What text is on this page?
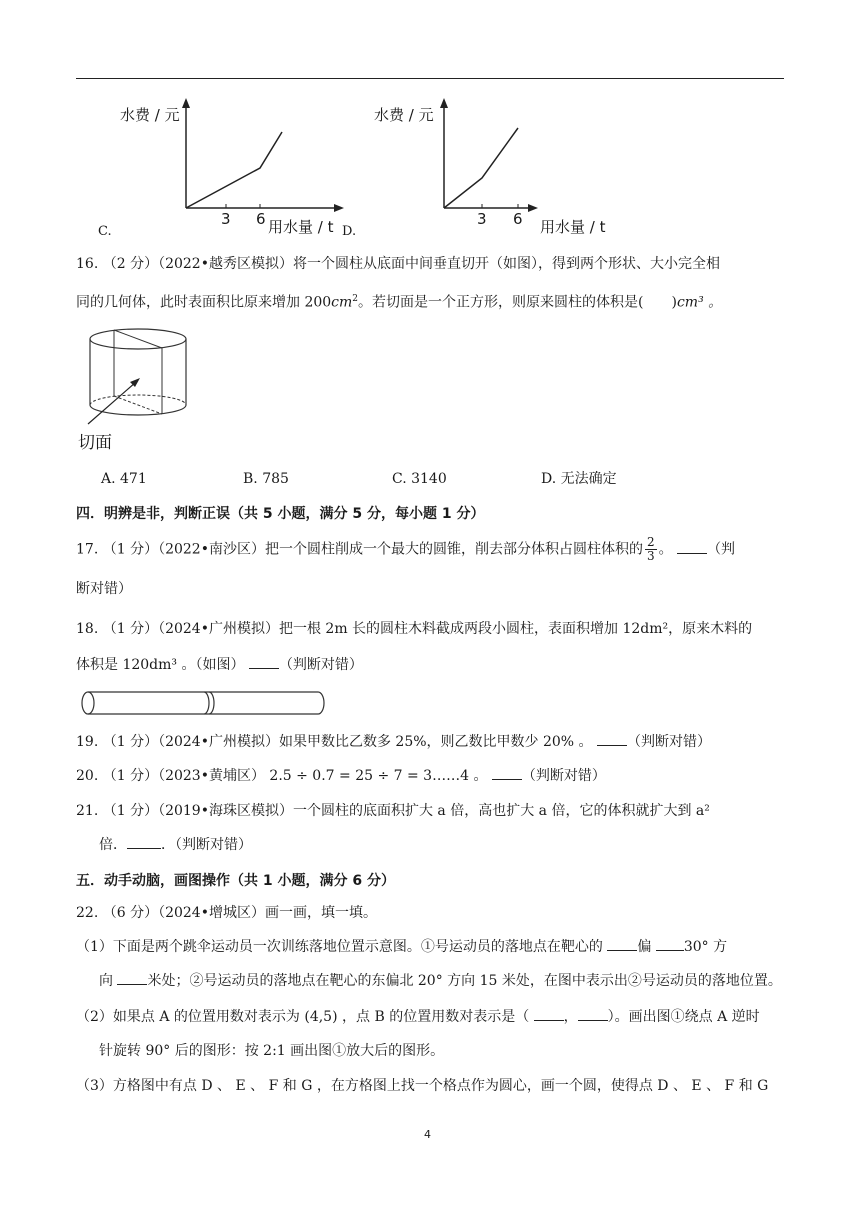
水费 / 元	水费 / 元
3 6	3 6
用水量 / t D.	用水量 / t
C.
16. （2 分）（2022•越秀区模拟）将一个圆柱从底面中间垂直切开（如图），得到两个形状、大小完全相
同的几何体，此时表面积比原来增加 $200cm^2$。若切面是一个正方形，则原来圆柱的体积是(　　)cm³ 。
切面
A. 471	B. 785	C. 3140	D. 无法确定
四．明辨是非，判断正误（共 5 小题，满分 5 分，每小题 1 分）
17. （1 分）（2022•南沙区）把一个圆柱削成一个最大的圆锥，削去部分体积占圆柱体积的 $\frac{2}{3}$ 。 （判
断对错）
18. （1 分）（2024•广州模拟）把一根 2m 长的圆柱木料截成两段小圆柱，表面积增加 12dm²，原来木料的
体积是 120dm³ 。（如图） （判断对错）
19. （1 分）（2024•广州模拟）如果甲数比乙数多 25%，则乙数比甲数少 20% 。 （判断对错）
20. （1 分）（2023•黄埔区） 2.5 ÷ 0.7 = 25 ÷ 7 = 3……4 。 （判断对错）
21. （1 分）（2019•海珠区模拟）一个圆柱的底面积扩大 a 倍，高也扩大 a 倍，它的体积就扩大到 a²
倍． ．（判断对错）
五．动手动脑，画图操作（共 1 小题，满分 6 分）
22. （6 分）（2024•增城区）画一画，填一填。
（1）下面是两个跳伞运动员一次训练落地位置示意图。①号运动员的落地点在靶心的 偏 30° 方
向 米处；②号运动员的落地点在靶心的东偏北 20° 方向 15 米处，在图中表示出②号运动员的落地位置。
（2）如果点 A 的位置用数对表示为 (4,5) ，点 B 的位置用数对表示是（ ， ）。画出图①绕点 A 逆时
针旋转 90° 后的图形：按 2:1 画出图①放大后的图形。
（3）方格图中有点 D 、 E 、 F 和 G ，在方格图上找一个格点作为圆心，画一个圆，使得点 D 、 E 、 F 和 G
4
